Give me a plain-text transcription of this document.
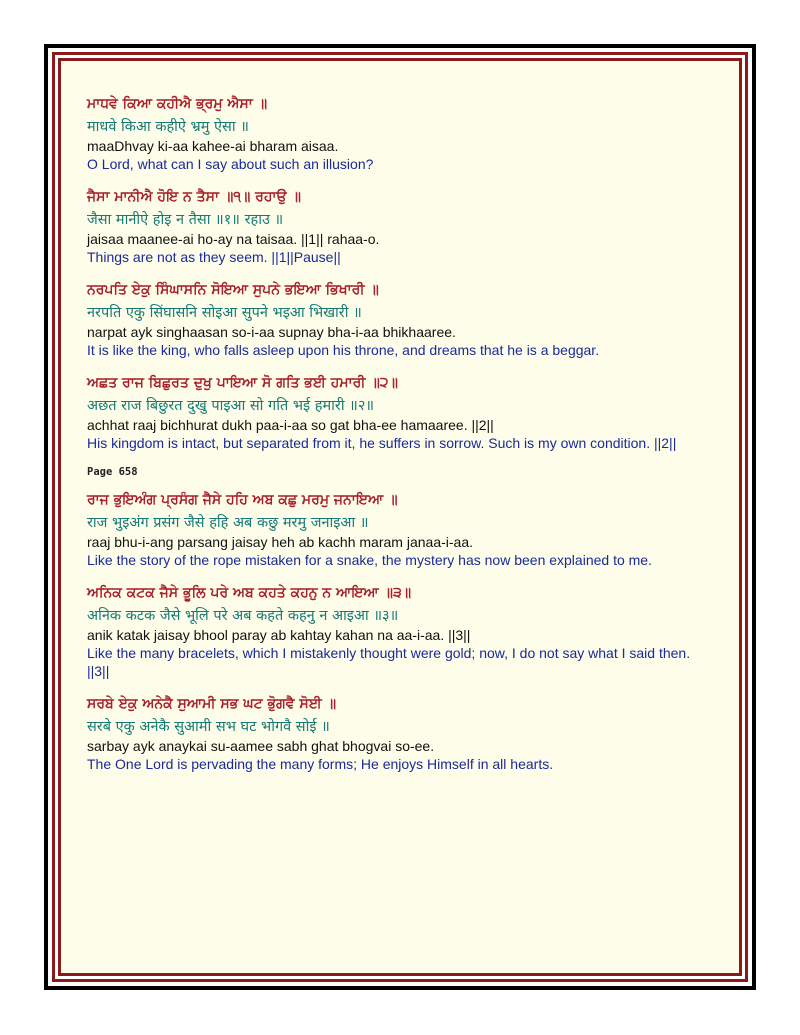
ਮਾਧਵੇ ਕਿਆ ਕਹੀਐ ਭ੍ਰਮੁ ਐਸਾ ॥
माधवे किआ कहीऐ भ्रमु ऐसा ॥
maaDhvay ki-aa kahee-ai bharam aisaa.
O Lord, what can I say about such an illusion?
ਜੈਸਾ ਮਾਨੀਐ ਹੋਇ ਨ ਤੈਸਾ ॥੧॥ ਰਹਾਉ ॥
जैसा मानीऐ होइ न तैसा ॥१॥ रहाउ ॥
jaisaa maanee-ai ho-ay na taisaa. ||1|| rahaa-o.
Things are not as they seem. ||1||Pause||
ਨਰਪਤਿ ਏਕੁ ਸਿੰਘਾਸਨਿ ਸੋਇਆ ਸੁਪਨੇ ਭਇਆ ਭਿਖਾਰੀ ॥
नरपति एकु सिंघासनि सोइआ सुपने भइआ भिखारी ॥
narpat ayk singhaasan so-i-aa supnay bha-i-aa bhikhaaree.
It is like the king, who falls asleep upon his throne, and dreams that he is a beggar.
ਅਛਤ ਰਾਜ ਬਿਛੁਰਤ ਦੁਖੁ ਪਾਇਆ ਸੋ ਗਤਿ ਭਈ ਹਮਾਰੀ ॥੨॥
अछत राज बिछुरत दुखु पाइआ सो गति भई हमारी ॥२॥
achhat raaj bichhurat dukh paa-i-aa so gat bha-ee hamaaree. ||2||
His kingdom is intact, but separated from it, he suffers in sorrow. Such is my own condition. ||2||
Page 658
ਰਾਜ ਭੁਇਅੰਗ ਪ੍ਰਸੰਗ ਜੈਸੇ ਹਹਿ ਅਬ ਕਛੁ ਮਰਮੁ ਜਨਾਇਆ ॥
राज भुइअंग प्रसंग जैसे हहि अब कछु मरमु जनाइआ ॥
raaj bhu-i-ang parsang jaisay heh ab kachh maram janaa-i-aa.
Like the story of the rope mistaken for a snake, the mystery has now been explained to me.
ਅਨਿਕ ਕਟਕ ਜੈਸੇ ਭੂਲਿ ਪਰੇ ਅਬ ਕਹਤੇ ਕਹਨੁ ਨ ਆਇਆ ॥੩॥
अनिक कटक जैसे भूलि परे अब कहते कहनु न आइआ ॥३॥
anik katak jaisay bhool paray ab kahtay kahan na aa-i-aa. ||3||
Like the many bracelets, which I mistakenly thought were gold; now, I do not say what I said then. ||3||
ਸਰਬੇ ਏਕੁ ਅਨੇਕੈ ਸੁਆਮੀ ਸਭ ਘਟ ਭੋੁਗਵੈ ਸੋਈ ॥
सरबे एकु अनेकै सुआमी सभ घट भोगवै सोई ॥
sarbay ayk anaykai su-aamee sabh ghat bhogvai so-ee.
The One Lord is pervading the many forms; He enjoys Himself in all hearts.
